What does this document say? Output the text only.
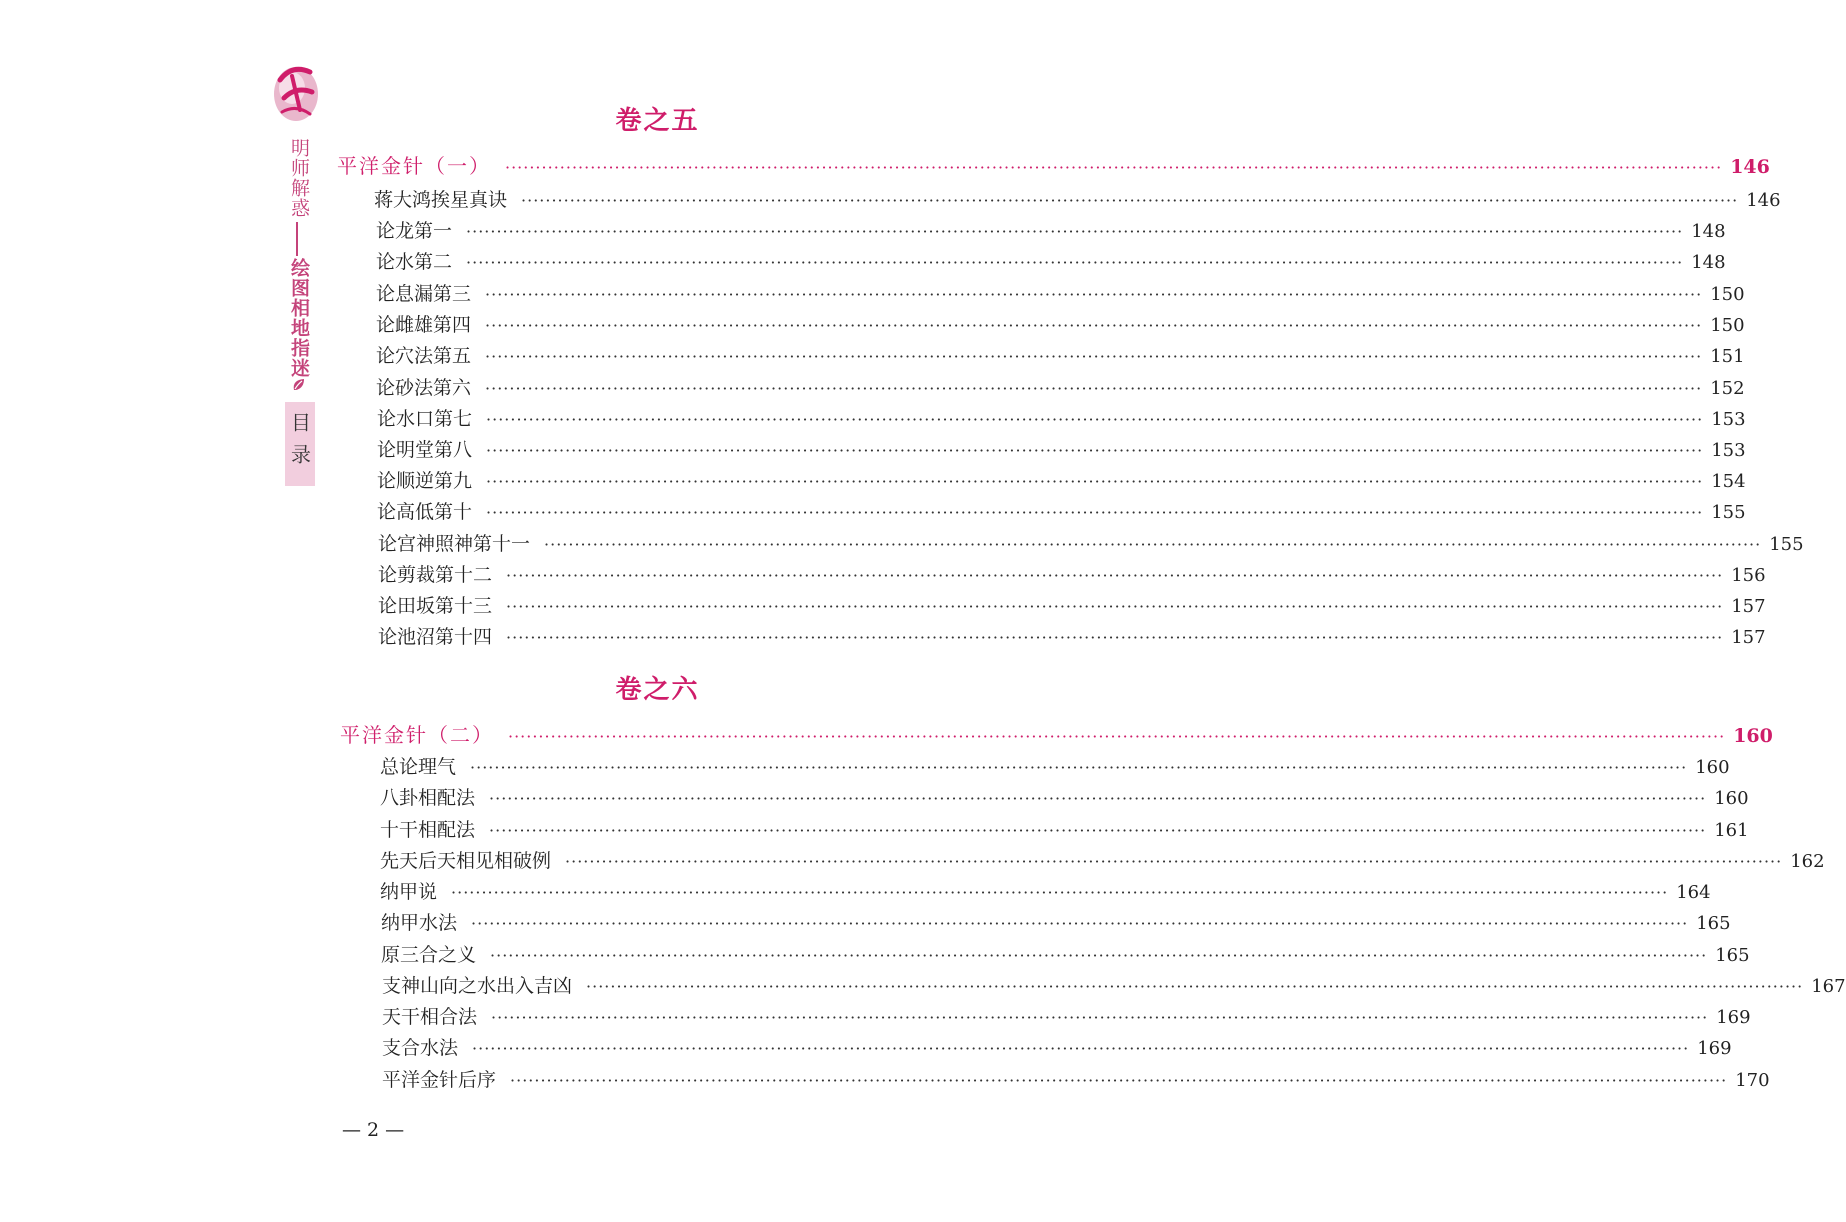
明师解惑
绘图相地指迷
目录
卷之五
平洋金针（一） ········································································································································································································ 146
蒋大鸿挨星真诀 ········································································································································································································ 146
论龙第一 ········································································································································································································ 148
论水第二 ········································································································································································································ 148
论息漏第三 ········································································································································································································ 150
论雌雄第四 ········································································································································································································ 150
论穴法第五 ········································································································································································································ 151
论砂法第六 ········································································································································································································ 152
论水口第七 ········································································································································································································ 153
论明堂第八 ········································································································································································································ 153
论顺逆第九 ········································································································································································································ 154
论高低第十 ········································································································································································································ 155
论宫神照神第十一 ········································································································································································································ 155
论剪裁第十二 ········································································································································································································ 156
论田坂第十三 ········································································································································································································ 157
论池沼第十四 ········································································································································································································ 157
卷之六
平洋金针（二） ········································································································································································································ 160
总论理气 ········································································································································································································ 160
八卦相配法 ········································································································································································································ 160
十干相配法 ········································································································································································································ 161
先天后天相见相破例 ········································································································································································································ 162
纳甲说 ········································································································································································································ 164
纳甲水法 ········································································································································································································ 165
原三合之义 ········································································································································································································ 165
支神山向之水出入吉凶 ········································································································································································································ 167
天干相合法 ········································································································································································································ 169
支合水法 ········································································································································································································ 169
平洋金针后序 ········································································································································································································ 170
— 2 —
